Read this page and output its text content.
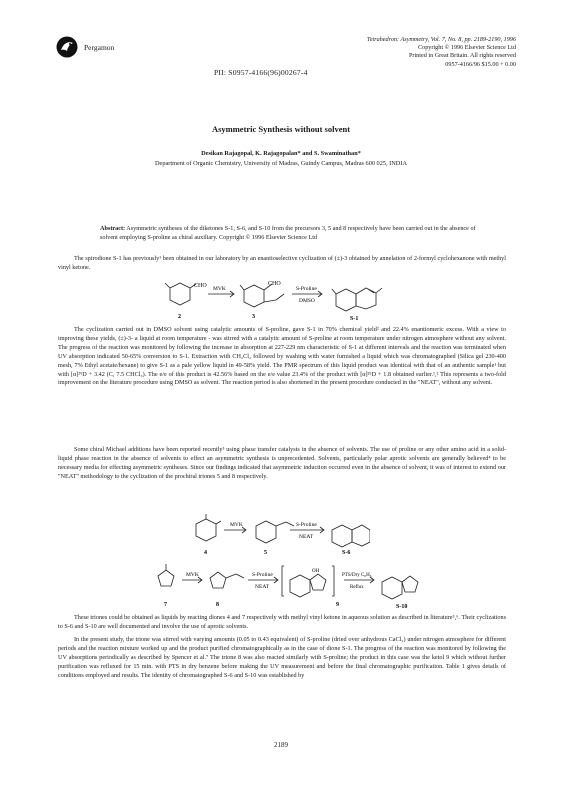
Pergamon
Tetrahedron: Asymmetry, Vol. 7, No. 8, pp. 2189-2190, 1996
Copyright © 1996 Elsevier Science Ltd
Printed in Great Britain. All rights reserved
0957-4166/96 $15.00 + 0.00
PII: S0957-4166(96)00267-4
Asymmetric Synthesis without solvent
Desikan Rajagopal, K. Rajagopalan* and S. Swaminathan*
Department of Organic Chemistry, University of Madras, Guindy Campus, Madras 600 025, INDIA
Abstract: Asymmetric syntheses of the diketones S-1, S-6, and S-10 from the precursors 3, 5 and 8 respectively have been carried out in the absence of solvent employing S-proline as chiral auxiliary. Copyright © 1996 Elsevier Science Ltd
The spirodione S-1 has previously¹ been obtained in our laboratory by an enantioselective cyclization of (±)-3 obtained by annelation of 2-formyl cyclohexanone with methyl vinyl ketone.
CHO	CHO
MVK	S-Proline
DMSO
2	3	S-1
The cyclization carried out in DMSO solvent using catalytic amounts of S-proline, gave S-1 in 70% chemical yield² and 22.4% enantiomeric excess. With a view to improving these yields, (±)-3- a liquid at room temperature - was stirred with a catalytic amount of S-proline at room temperature under nitrogen atmosphere without any solvent. The progress of the reaction was monitored by following the increase in absorption at 227-229 nm characteristic of S-1 at different intervals and the reaction was terminated when UV absorption indicated 50-65% conversion to S-1. Extraction with CH₂Cl₂ followed by washing with water furnished a liquid which was chromatographed (Silica gel 230-400 mesh, 7% Ethyl acetate/hexane) to give S-1 as a pale yellow liquid in 49-58% yield. The PMR spectrum of this liquid product was identical with that of an authentic sample¹ but with [α]²⁵D + 3.42 (C, 7.5 CHCl₃). The e/e of this product is 42.56% based on the e/e value 23.4% of the product with [α]²⁵D + 1.8 obtained earlier.¹,² This represents a two-fold improvement on the literature procedure using DMSO as solvent. The reaction period is also shortened in the present procedure conducted in the "NEAT", without any solvent.
Some chiral Michael additions have been reported recently³ using phase transfer catalysts in the absence of solvents. The use of proline or any other amino acid in a solid-liquid phase reaction in the absence of solvents to effect an asymmetric synthesis is unprecedented. Solvents, particularly polar aprotic solvents are generally believed⁴ to be necessary media for effecting asymmetric syntheses. Since our findings indicated that asymmetric induction occurred even in the absence of solvent, it was of interest to extend our "NEAT" methodology to the cyclization of the prochiral triones 5 and 8 respectively.
MVK	S-Proline
NEAT
4	5	S-6
MVK	S-Proline
NEAT
OH
PTS/Dry C₆H₆
Reflux
7	8	9	S-10
These triones could be obtained as liquids by reacting diones 4 and 7 respectively with methyl vinyl ketone in aqueous solution as described in literature⁵,⁶. Their cyclizations to S-6 and S-10 are well documented and involve the use of aprotic solvents.
In the present study, the trione was stirred with varying amounts (0.05 to 0.43 equivalent) of S-proline (dried over anhydrous CaCl₂) under nitrogen atmosphere for different periods and the reaction mixture worked up and the product purified chromatographically as in the case of dione S-1. The progress of the reaction was monitored by following the UV absorptions periodically as described by Spencer et al.⁷ The trione 8 was also reacted similarly with S-proline; the product in this case was the ketol 9 which without further purification was refluxed for 15 min. with PTS in dry benzene before making the UV measurement and before the final chromatographic purification. Table 1 gives details of conditions employed and results. The identity of chromatographed S-6 and S-10 was established by
2189
